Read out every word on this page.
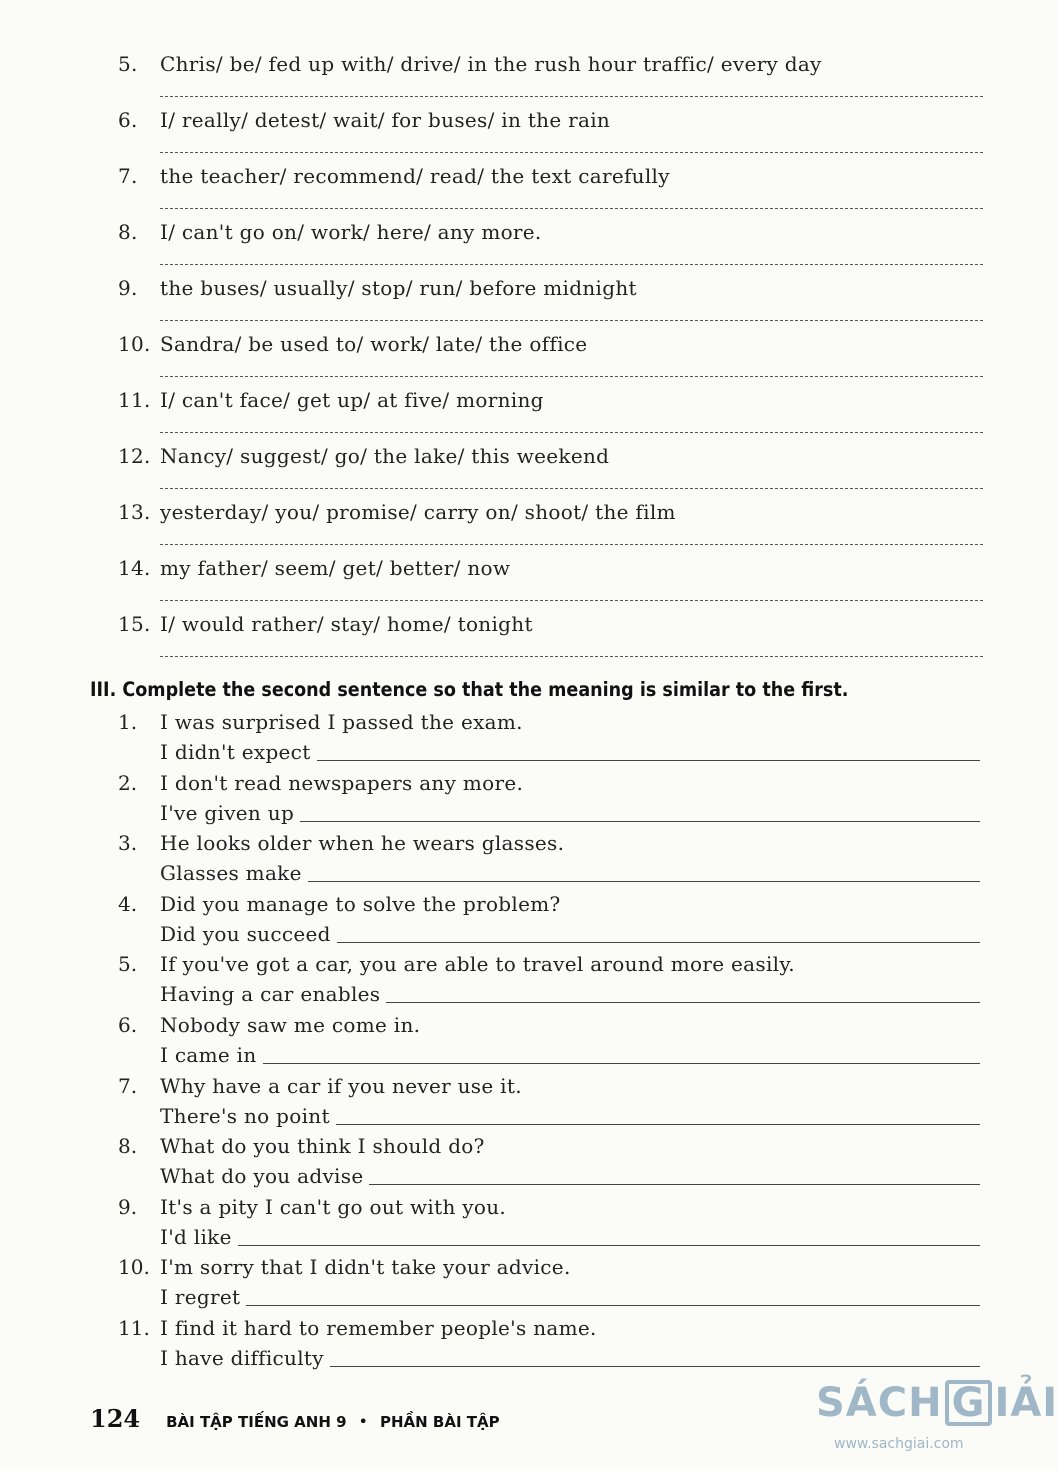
5.	Chris/ be/ fed up with/ drive/ in the rush hour traffic/ every day
6.	I/ really/ detest/ wait/ for buses/ in the rain
7.	the teacher/ recommend/ read/ the text carefully
8.	I/ can't go on/ work/ here/ any more.
9.	the buses/ usually/ stop/ run/ before midnight
10. Sandra/ be used to/ work/ late/ the office
11. I/ can't face/ get up/ at five/ morning
12. Nancy/ suggest/ go/ the lake/ this weekend
13. yesterday/ you/ promise/ carry on/ shoot/ the film
14. my father/ seem/ get/ better/ now
15. I/ would rather/ stay/ home/ tonight
III. Complete the second sentence so that the meaning is similar to the first.
1.	I was surprised I passed the exam.
I didn't expect
2.	I don't read newspapers any more.
I've given up
3.	He looks older when he wears glasses.
Glasses make
4.	Did you manage to solve the problem?
Did you succeed
5.	If you've got a car, you are able to travel around more easily.
Having a car enables
6.	Nobody saw me come in.
I came in
7.	Why have a car if you never use it.
There's no point
8.	What do you think I should do?
What do you advise
9.	It's a pity I can't go out with you.
I'd like
10. I'm sorry that I didn't take your advice.
I regret
11. I find it hard to remember people's name.
I have difficulty
124 BÀI TẬP TIẾNG ANH 9 • PHẦN BÀI TẬP	SÁCH G IẢI
www.sachgiai.com
